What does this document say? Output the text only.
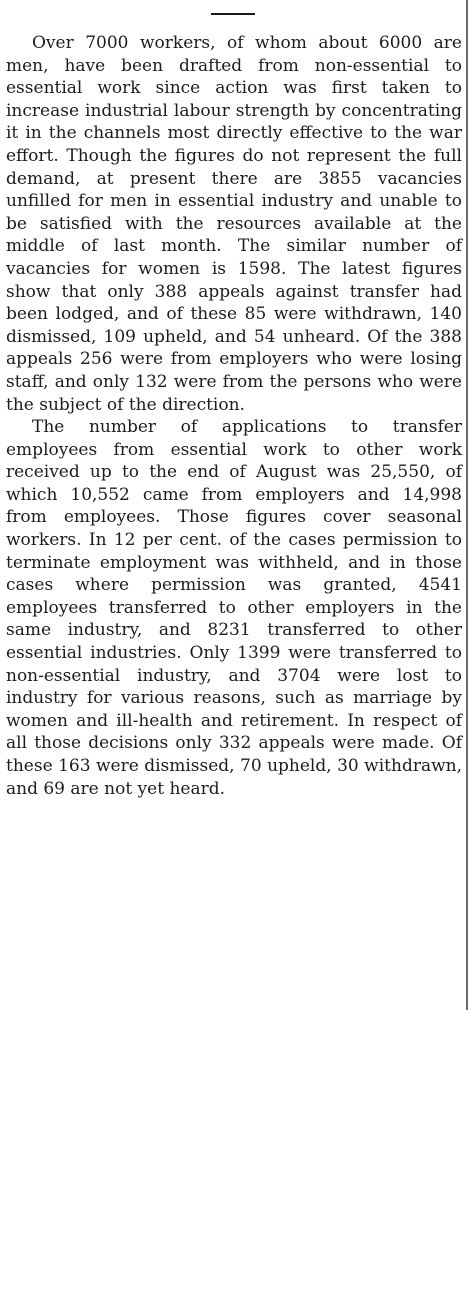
Over 7000 workers, of whom about 6000 are men, have been drafted from non-essential to essential work since action was first taken to increase industrial labour strength by concentrating it in the channels most directly effective to the war effort. Though the figures do not represent the full demand, at present there are 3855 vacancies unfilled for men in essential industry and unable to be satisfied with the resources available at the middle of last month. The similar number of vacancies for women is 1598. The latest figures show that only 388 appeals against transfer had been lodged, and of these 85 were withdrawn, 140 dismissed, 109 upheld, and 54 unheard. Of the 388 appeals 256 were from employers who were losing staff, and only 132 were from the persons who were the subject of the direction.

The number of applications to transfer employees from essential work to other work received up to the end of August was 25,550, of which 10,552 came from employers and 14,998 from employees. Those figures cover seasonal workers. In 12 per cent. of the cases permission to terminate employment was withheld, and in those cases where permission was granted, 4541 employees transferred to other employers in the same industry, and 8231 transferred to other essential industries. Only 1399 were transferred to non-essential industry, and 3704 were lost to industry for various reasons, such as marriage by women and ill-health and retirement. In respect of all those decisions only 332 appeals were made. Of these 163 were dismissed, 70 upheld, 30 withdrawn, and 69 are not yet heard.
